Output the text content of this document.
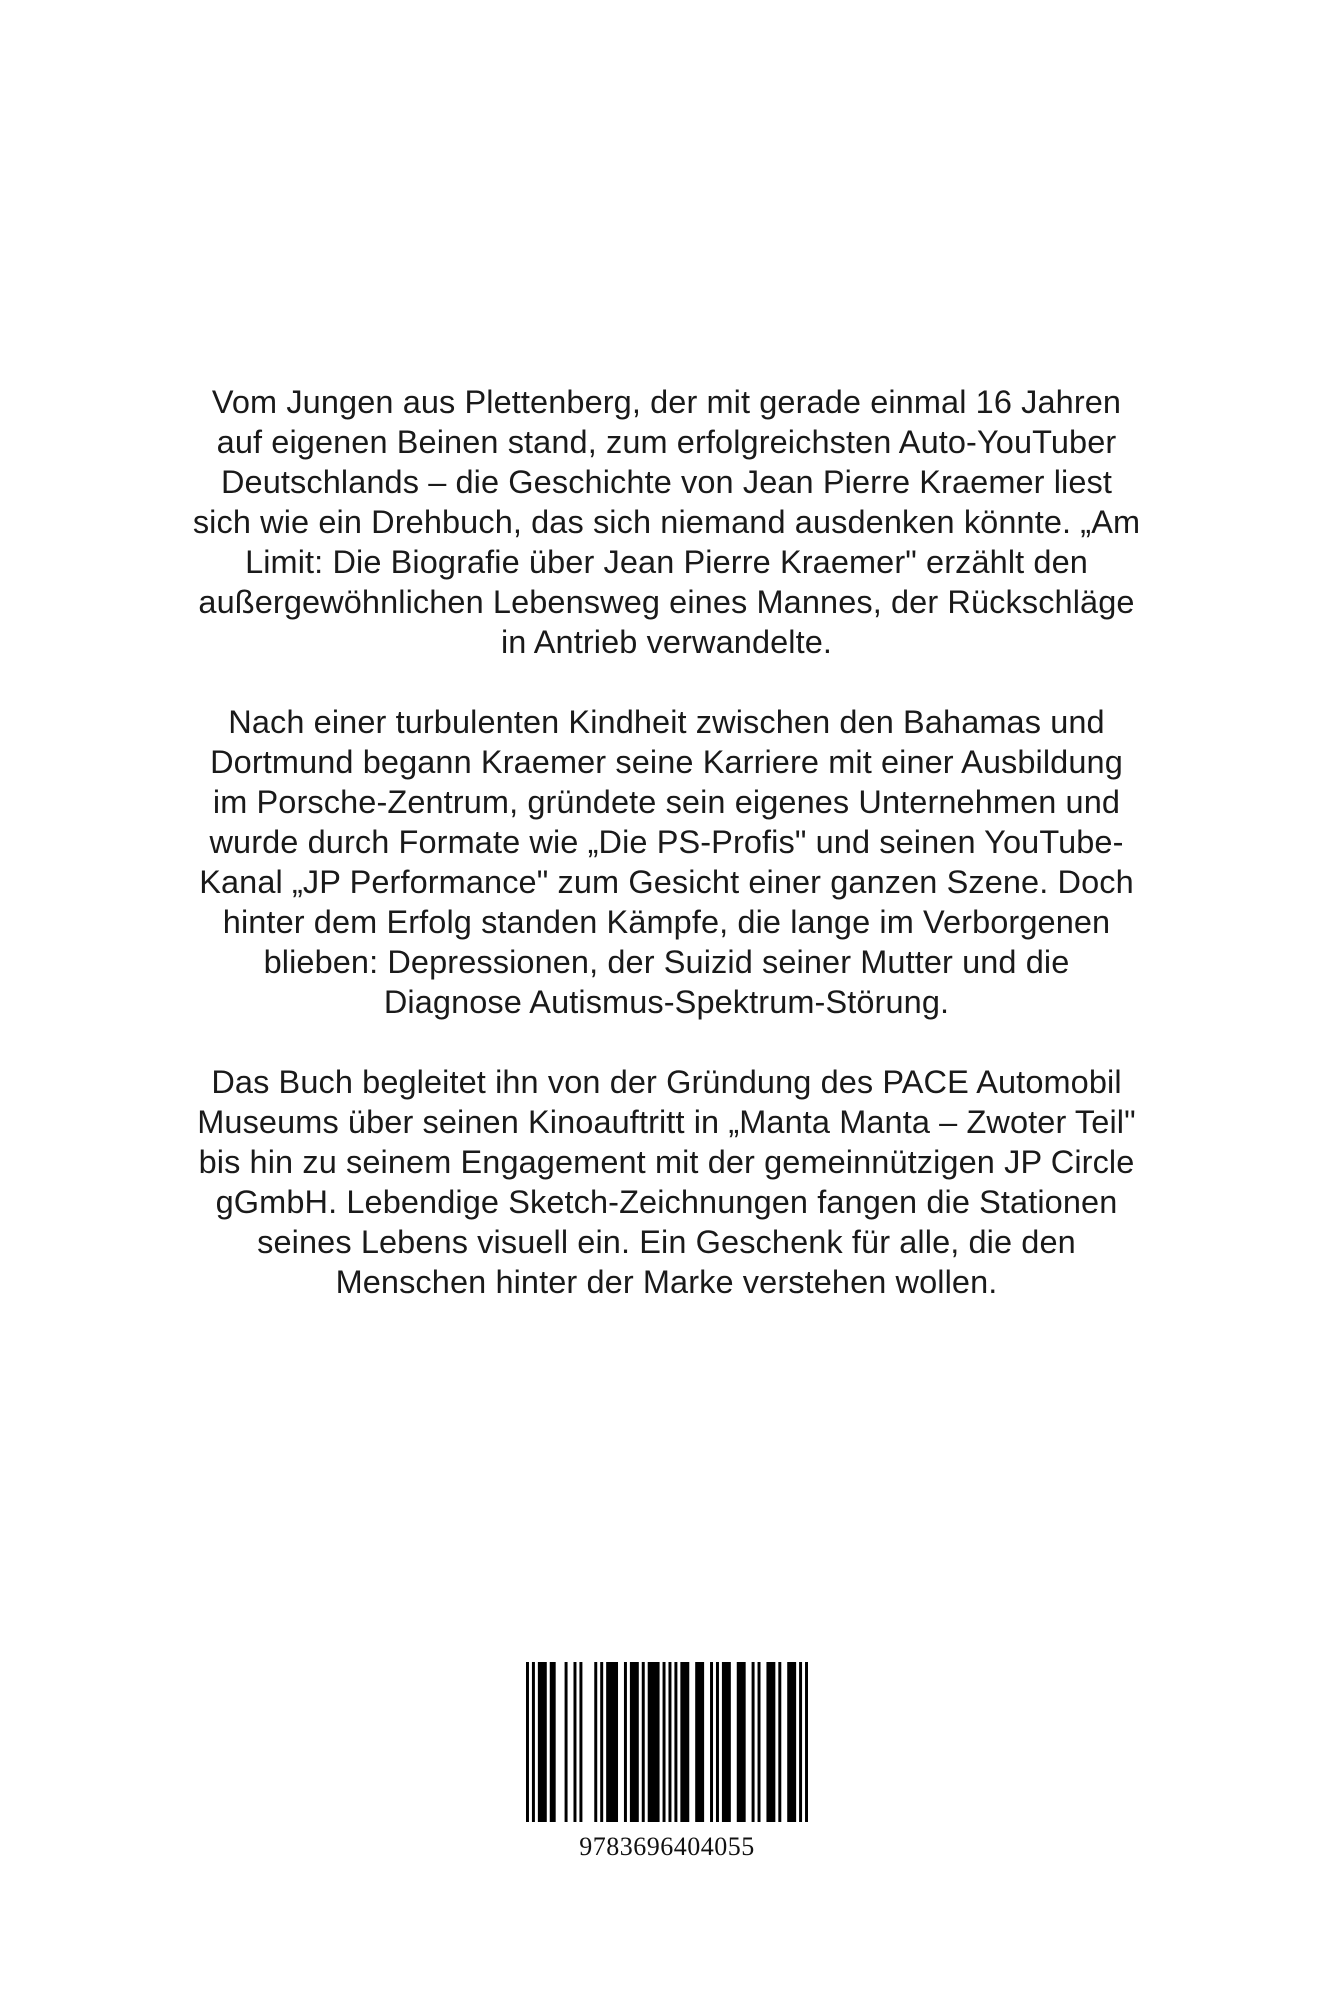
Vom Jungen aus Plettenberg, der mit gerade einmal 16 Jahren auf eigenen Beinen stand, zum erfolgreichsten Auto-YouTuber Deutschlands – die Geschichte von Jean Pierre Kraemer liest sich wie ein Drehbuch, das sich niemand ausdenken könnte. „Am Limit: Die Biografie über Jean Pierre Kraemer" erzählt den außergewöhnlichen Lebensweg eines Mannes, der Rückschläge in Antrieb verwandelte.

Nach einer turbulenten Kindheit zwischen den Bahamas und Dortmund begann Kraemer seine Karriere mit einer Ausbildung im Porsche-Zentrum, gründete sein eigenes Unternehmen und wurde durch Formate wie „Die PS-Profis" und seinen YouTube-Kanal „JP Performance" zum Gesicht einer ganzen Szene. Doch hinter dem Erfolg standen Kämpfe, die lange im Verborgenen blieben: Depressionen, der Suizid seiner Mutter und die Diagnose Autismus-Spektrum-Störung.

Das Buch begleitet ihn von der Gründung des PACE Automobil Museums über seinen Kinoauftritt in „Manta Manta – Zwoter Teil" bis hin zu seinem Engagement mit der gemeinnützigen JP Circle gGmbH. Lebendige Sketch-Zeichnungen fangen die Stationen seines Lebens visuell ein. Ein Geschenk für alle, die den Menschen hinter der Marke verstehen wollen.

9783696404055
